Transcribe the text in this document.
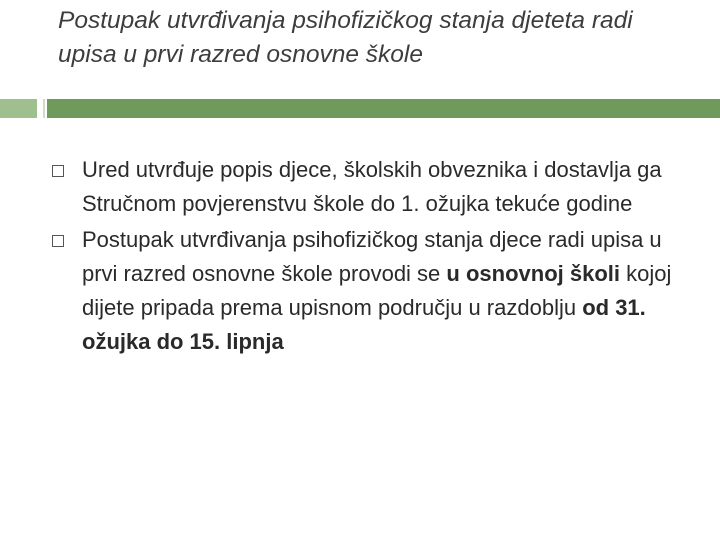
Postupak utvrđivanja psihofizičkog stanja djeteta radi upisa u prvi razred osnovne škole
Ured utvrđuje popis djece, školskih obveznika i dostavlja ga Stručnom povjerenstvu škole do 1. ožujka tekuće godine
Postupak utvrđivanja psihofizičkog stanja djece radi upisa u prvi razred osnovne škole provodi se u osnovnoj školi kojoj dijete pripada prema upisnom području u razdoblju od 31. ožujka do 15. lipnja
